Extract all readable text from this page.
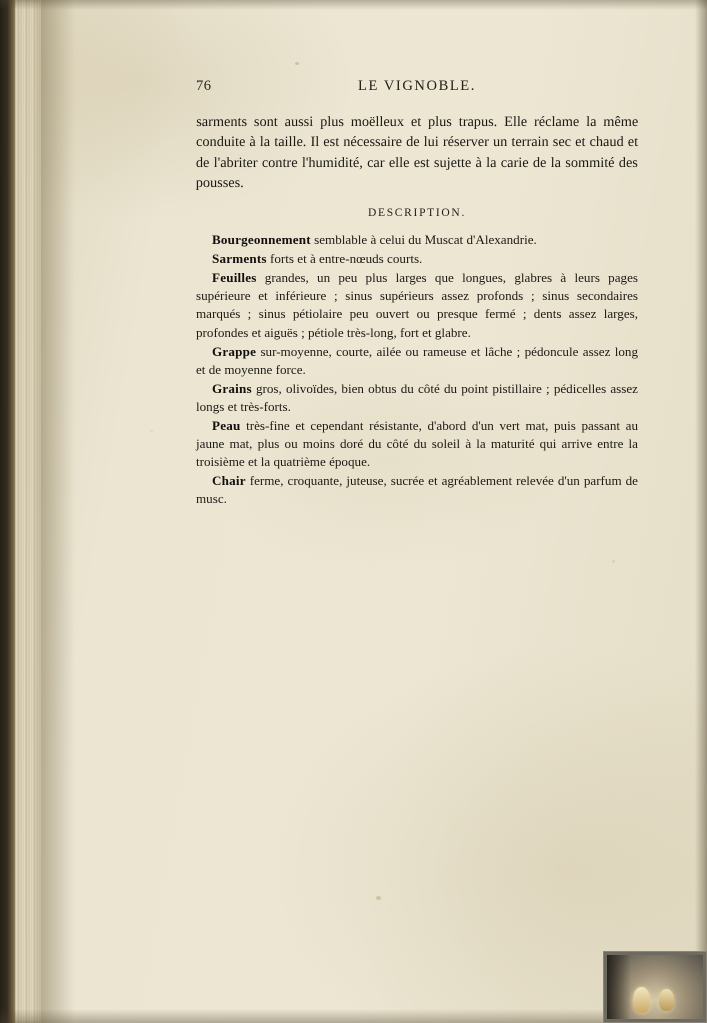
76	LE VIGNOBLE.

sarments sont aussi plus moëlleux et plus trapus. Elle réclame la même conduite à la taille. Il est nécessaire de lui réserver un terrain sec et chaud et de l'abriter contre l'humidité, car elle est sujette à la carie de la sommité des pousses.

DESCRIPTION.

Bourgeonnement semblable à celui du Muscat d'Alexandrie.

Sarments forts et à entre-nœuds courts.

Feuilles grandes, un peu plus larges que longues, glabres à leurs pages supérieure et inférieure ; sinus supérieurs assez profonds ; sinus secondaires marqués ; sinus pétiolaire peu ouvert ou presque fermé ; dents assez larges, profondes et aiguës ; pétiole très-long, fort et glabre.

Grappe sur-moyenne, courte, ailée ou rameuse et lâche ; pédoncule assez long et de moyenne force.

Grains gros, olivoïdes, bien obtus du côté du point pistillaire ; pédicelles assez longs et très-forts.

Peau très-fine et cependant résistante, d'abord d'un vert mat, puis passant au jaune mat, plus ou moins doré du côté du soleil à la maturité qui arrive entre la troisième et la quatrième époque.

Chair ferme, croquante, juteuse, sucrée et agréablement relevée d'un parfum de musc.
